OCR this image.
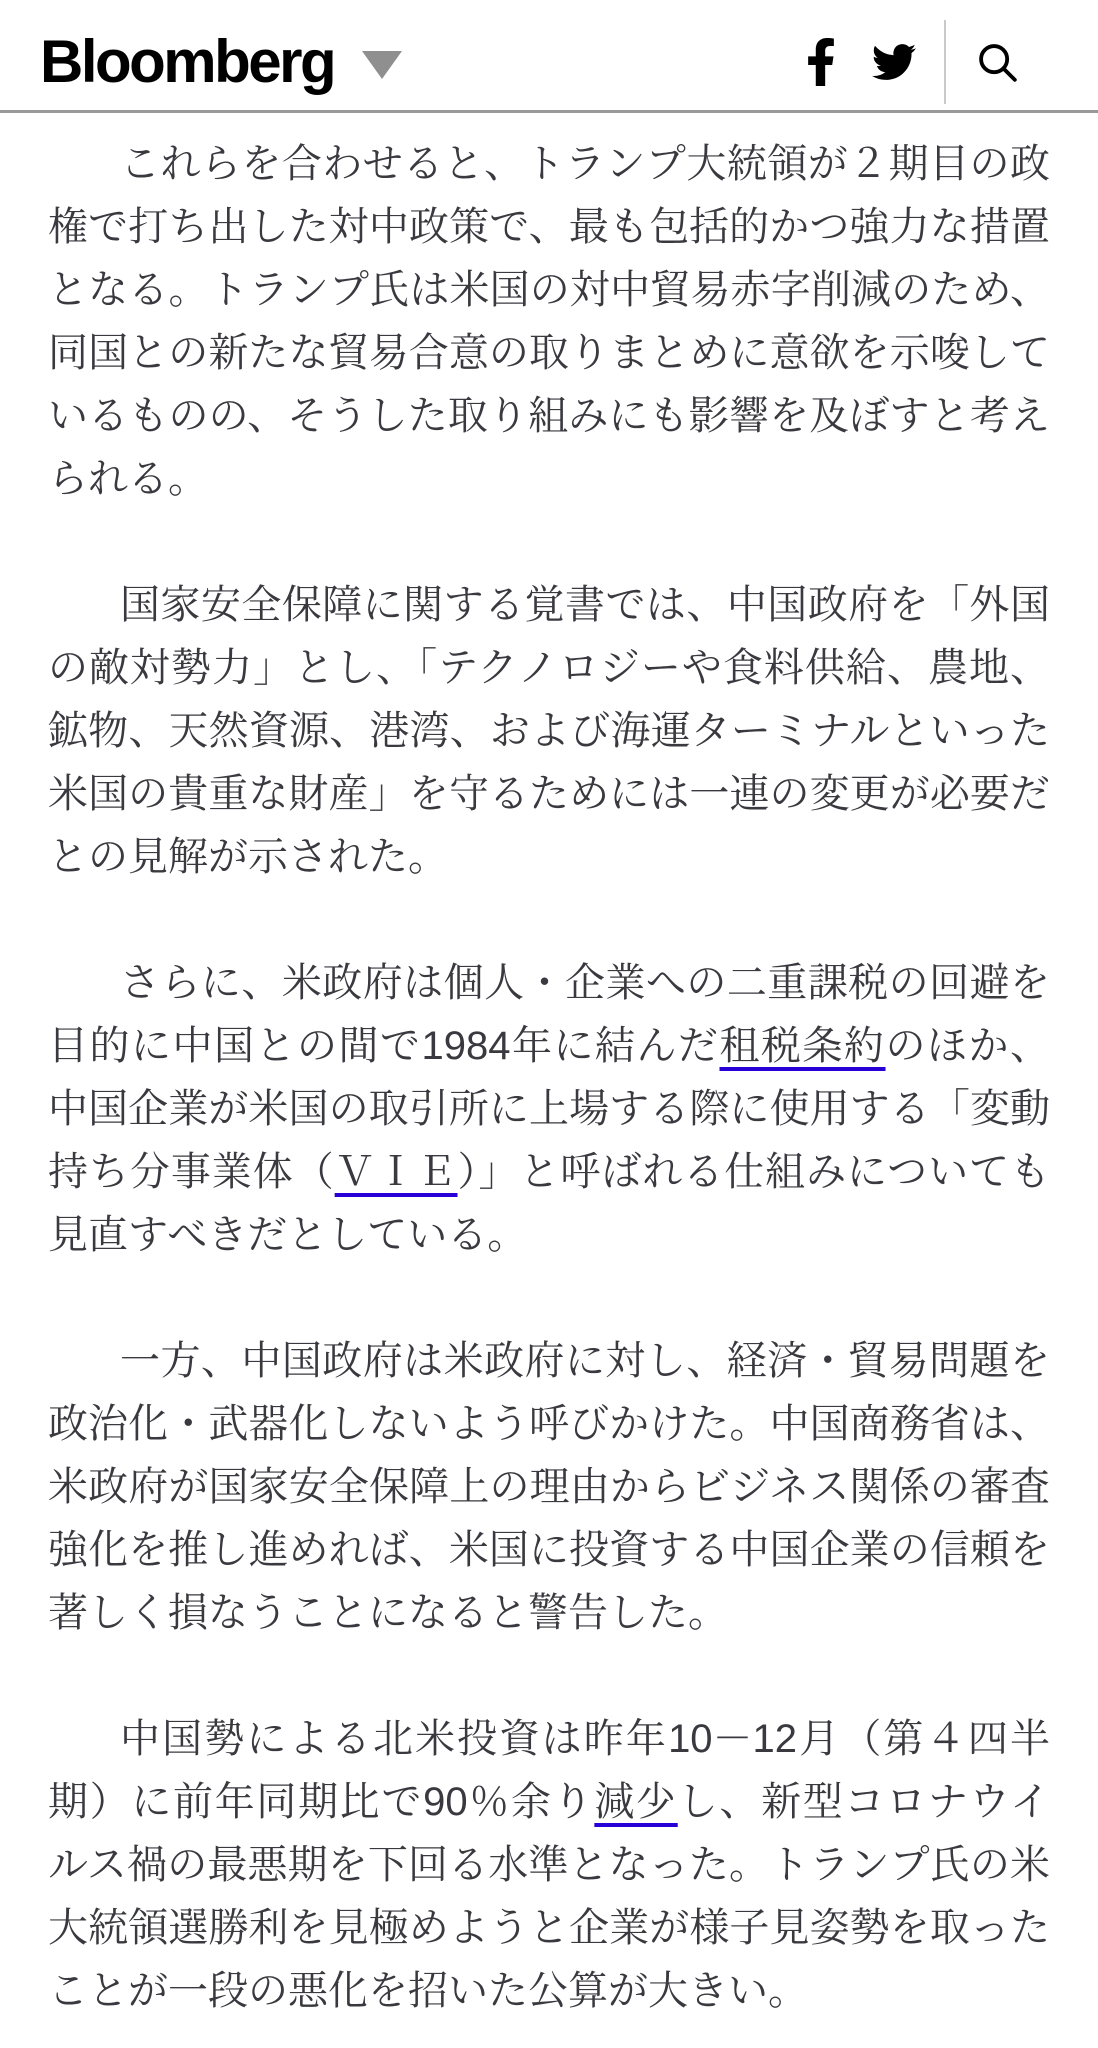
Bloomberg

これらを合わせると、トランプ大統領が２期目の政権で打ち出した対中政策で、最も包括的かつ強力な措置となる。トランプ氏は米国の対中貿易赤字削減のため、同国との新たな貿易合意の取りまとめに意欲を示唆しているものの、そうした取り組みにも影響を及ぼすと考えられる。

国家安全保障に関する覚書では、中国政府を「外国の敵対勢力」とし、「テクノロジーや食料供給、農地、鉱物、天然資源、港湾、および海運ターミナルといった米国の貴重な財産」を守るためには一連の変更が必要だとの見解が示された。

さらに、米政府は個人・企業への二重課税の回避を目的に中国との間で1984年に結んだ租税条約のほか、中国企業が米国の取引所に上場する際に使用する「変動持ち分事業体（ＶＩＥ）」と呼ばれる仕組みについても見直すべきだとしている。

一方、中国政府は米政府に対し、経済・貿易問題を政治化・武器化しないよう呼びかけた。中国商務省は、米政府が国家安全保障上の理由からビジネス関係の審査強化を推し進めれば、米国に投資する中国企業の信頼を著しく損なうことになると警告した。

中国勢による北米投資は昨年10－12月（第４四半期）に前年同期比で90％余り減少し、新型コロナウイルス禍の最悪期を下回る水準となった。トランプ氏の米大統領選勝利を見極めようと企業が様子見姿勢を取ったことが一段の悪化を招いた公算が大きい。
